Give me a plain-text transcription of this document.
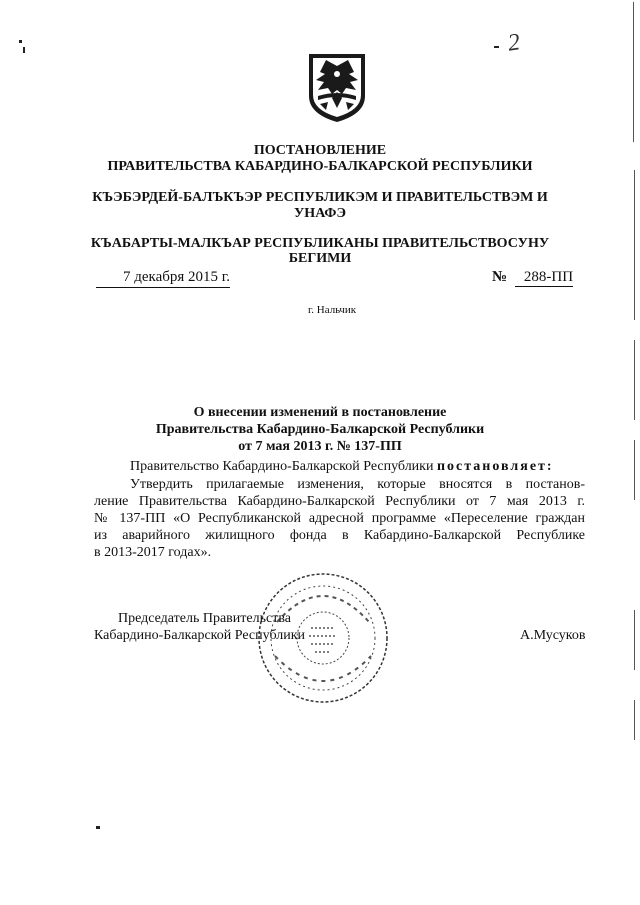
2
ПОСТАНОВЛЕНИЕ
ПРАВИТЕЛЬСТВА КАБАРДИНО-БАЛКАРСКОЙ РЕСПУБЛИКИ
КЪЭБЭРДЕЙ-БАЛЪКЪЭР РЕСПУБЛИКЭМ И ПРАВИТЕЛЬСТВЭМ И
УНАФЭ
КЪАБАРТЫ-МАЛКЪАР РЕСПУБЛИКАНЫ ПРАВИТЕЛЬСТВОСУНУ
БЕГИМИ
7 декабря 2015 г.	№ 288-ПП
г. Нальчик
О внесении изменений в постановление
Правительства Кабардино-Балкарской Республики
от 7 мая 2013 г. № 137-ПП
Правительство Кабардино-Балкарской Республики постановляет:
Утвердить прилагаемые изменения, которые вносятся в постанов-
ление Правительства Кабардино-Балкарской Республики от 7 мая 2013 г.
№ 137-ПП «О Республиканской адресной программе «Переселение граждан
из аварийного жилищного фонда в Кабардино-Балкарской Республике
в 2013-2017 годах».
Председатель Правительства
Кабардино-Балкарской Республики	А.Мусуков
